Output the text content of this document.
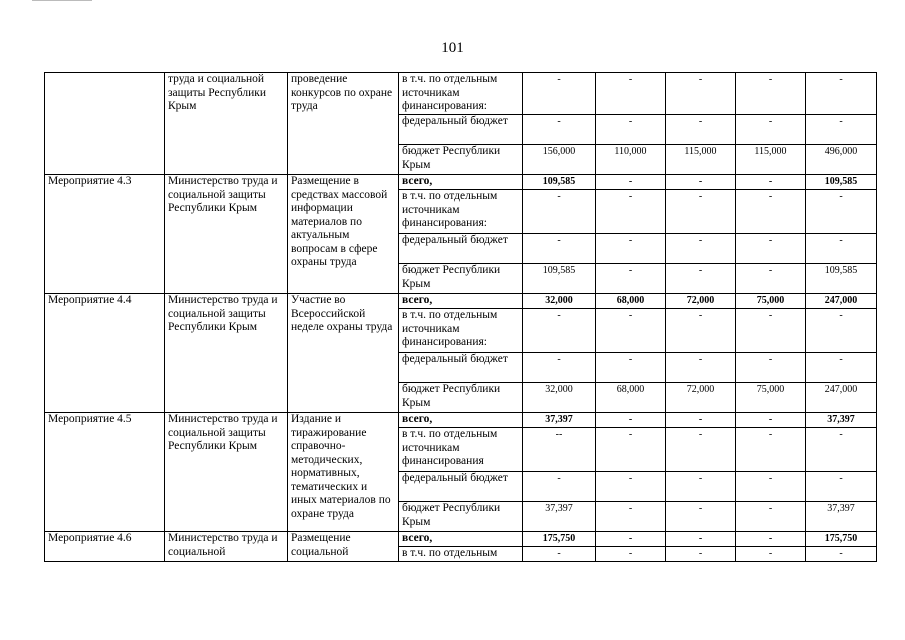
101
	труда и социальной защиты Республики Крым	проведение конкурсов по охране труда	в т.ч. по отдельным источникам финансирования:	-	-	-	-	-
			федеральный бюджет	-	-	-	-	-
			бюджет Республики Крым	156,000	110,000	115,000	115,000	496,000
Мероприятие 4.3	Министерство труда и социальной защиты Республики Крым	Размещение в средствах массовой информации материалов по актуальным вопросам в сфере охраны труда	всего,	109,585	-	-	-	109,585
			в т.ч. по отдельным источникам финансирования:	-	-	-	-	-
			федеральный бюджет	-	-	-	-	-
			бюджет Республики Крым	109,585	-	-	-	109,585
Мероприятие 4.4	Министерство труда и социальной защиты Республики Крым	Участие во Всероссийской неделе охраны труда	всего,	32,000	68,000	72,000	75,000	247,000
			в т.ч. по отдельным источникам финансирования:	-	-	-	-	-
			федеральный бюджет	-	-	-	-	-
			бюджет Республики Крым	32,000	68,000	72,000	75,000	247,000
Мероприятие 4.5	Министерство труда и социальной защиты Республики Крым	Издание и тиражирование справочно-методических, нормативных, тематических и иных материалов по охране труда	всего,	37,397	-	-	-	37,397
			в т.ч. по отдельным источникам финансирования	--	-	-	-	-
			федеральный бюджет	-	-	-	-	-
			бюджет Республики Крым	37,397	-	-	-	37,397
Мероприятие 4.6	Министерство труда и социальной	Размещение социальной	всего,	175,750	-	-	-	175,750
			в т.ч. по отдельным	-	-	-	-	-
